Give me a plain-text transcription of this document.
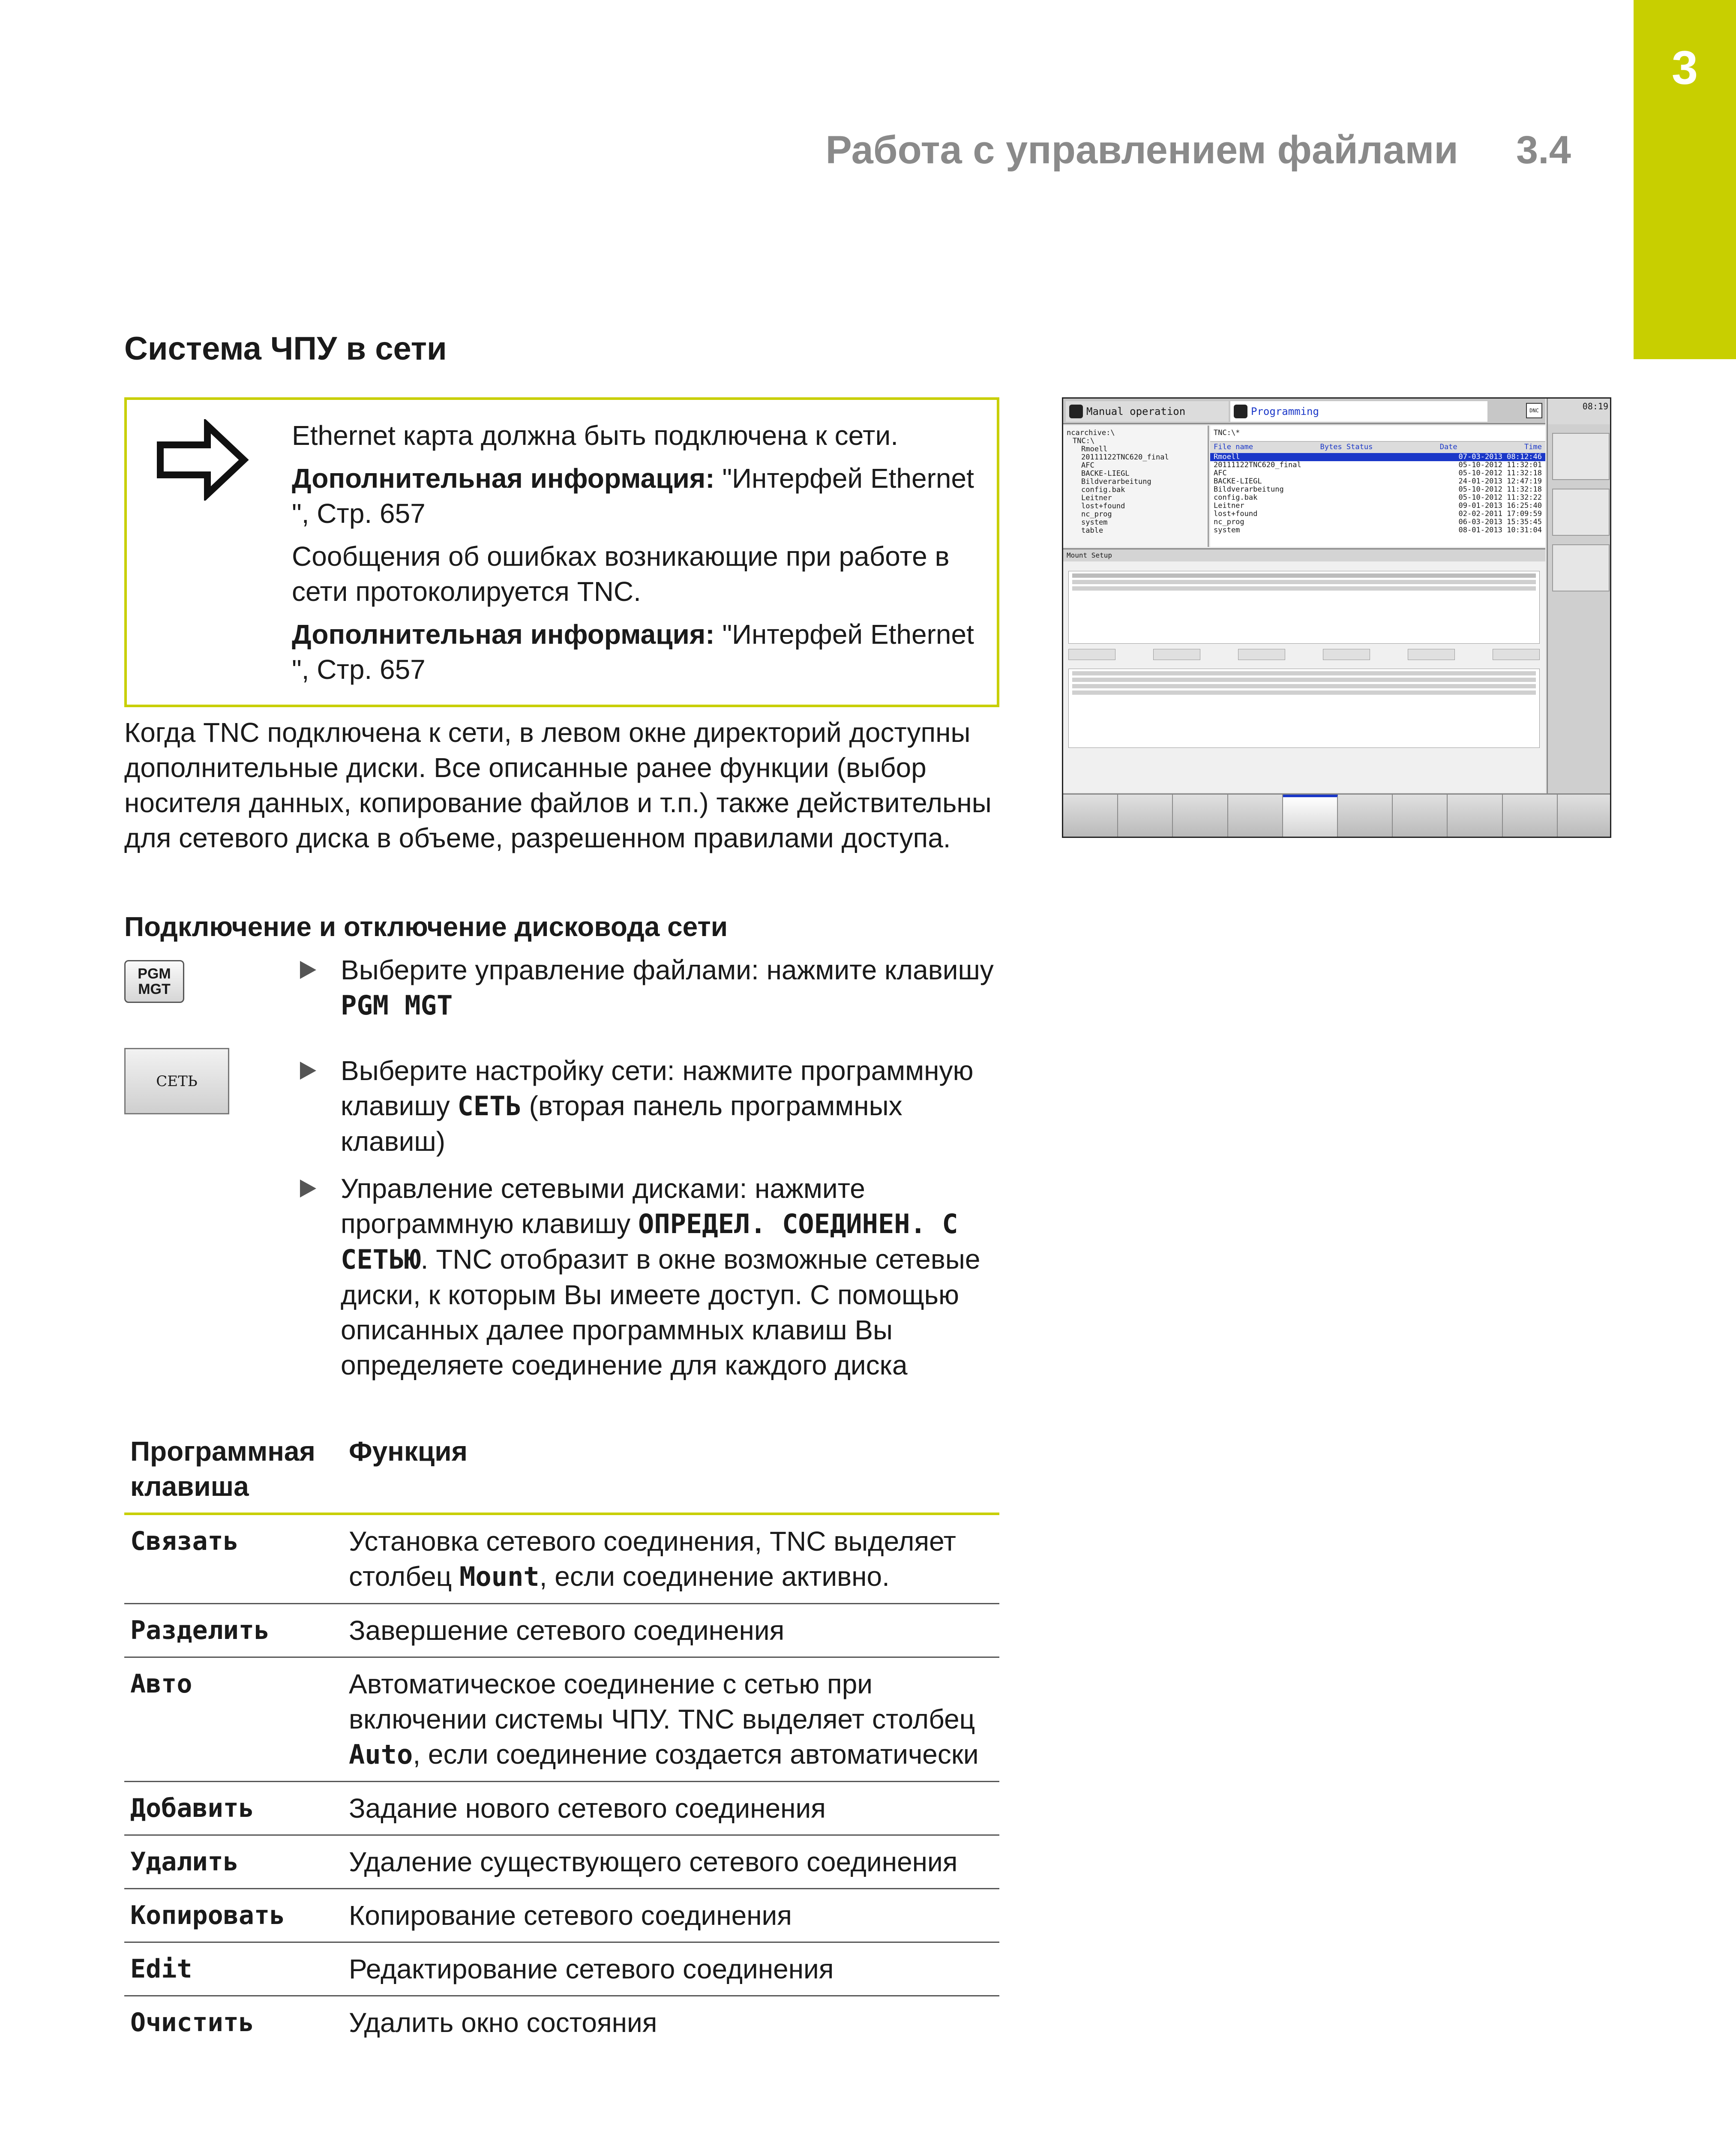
3
Работа с управлением файлами 3.4
Система ЧПУ в сети

Ethernet карта должна быть подключена к сети.

Дополнительная информация: "Интерфей Ethernet ", Стр. 657

Сообщения об ошибках возникающие при работе в сети протоколируется TNC.

Дополнительная информация: "Интерфей Ethernet ", Стр. 657

Когда TNC подключена к сети, в левом окне директорий доступны дополнительные диски. Все описанные ранее функции (выбор носителя данных, копирование файлов и т.п.) также действительны для сетевого диска в объеме, разрешенном правилами доступа.
Подключение и отключение дисковода сети
PGM
MGT
СЕТЬ
Выберите управление файлами: нажмите клавишу PGM MGT
Выберите настройку сети: нажмите программную клавишу СЕТЬ (вторая панель программных клавиш)
Управление сетевыми дисками: нажмите программную клавишу ОПРЕДЕЛ. СОЕДИНЕН. С СЕТЬЮ. TNC отобразит в окне возможные сетевые диски, к которым Вы имеете доступ. С помощью описанных далее программных клавиш Вы определяете соединение для каждого диска
Программная клавиша	Функция
Связать	Установка сетевого соединения, TNC выделяет столбец Mount, если соединение активно.
Разделить	Завершение сетевого соединения
Авто	Автоматическое соединение с сетью при включении системы ЧПУ. TNC выделяет столбец Auto, если соединение создается автоматически
Добавить	Задание нового сетевого соединения
Удалить	Удаление существующего сетевого соединения
Копировать	Копирование сетевого соединения
Edit	Редактирование сетевого соединения
Очистить	Удалить окно состояния
Manual operation	Programming	DNC	08:19
ncarchive:\
TNC:\
Rmoell
20111122TNC620_final
AFC
BACKE-LIEGL
Bildverarbeitung
config.bak
Leitner
lost+found
nc_prog
system
table
TNC:\*
File name	Bytes Status	Date	Time
Rmoell	07-03-2013 08:12:46
20111122TNC620_final	05-10-2012 11:32:01
AFC	05-10-2012 11:32:18
BACKE-LIEGL	24-01-2013 12:47:19
Bildverarbeitung	05-10-2012 11:32:18
config.bak	05-10-2012 11:32:22
Leitner	09-01-2013 16:25:40
lost+found	02-02-2011 17:09:59
nc_prog	06-03-2013 15:35:45
system	08-01-2013 10:31:04
Mount Setup
